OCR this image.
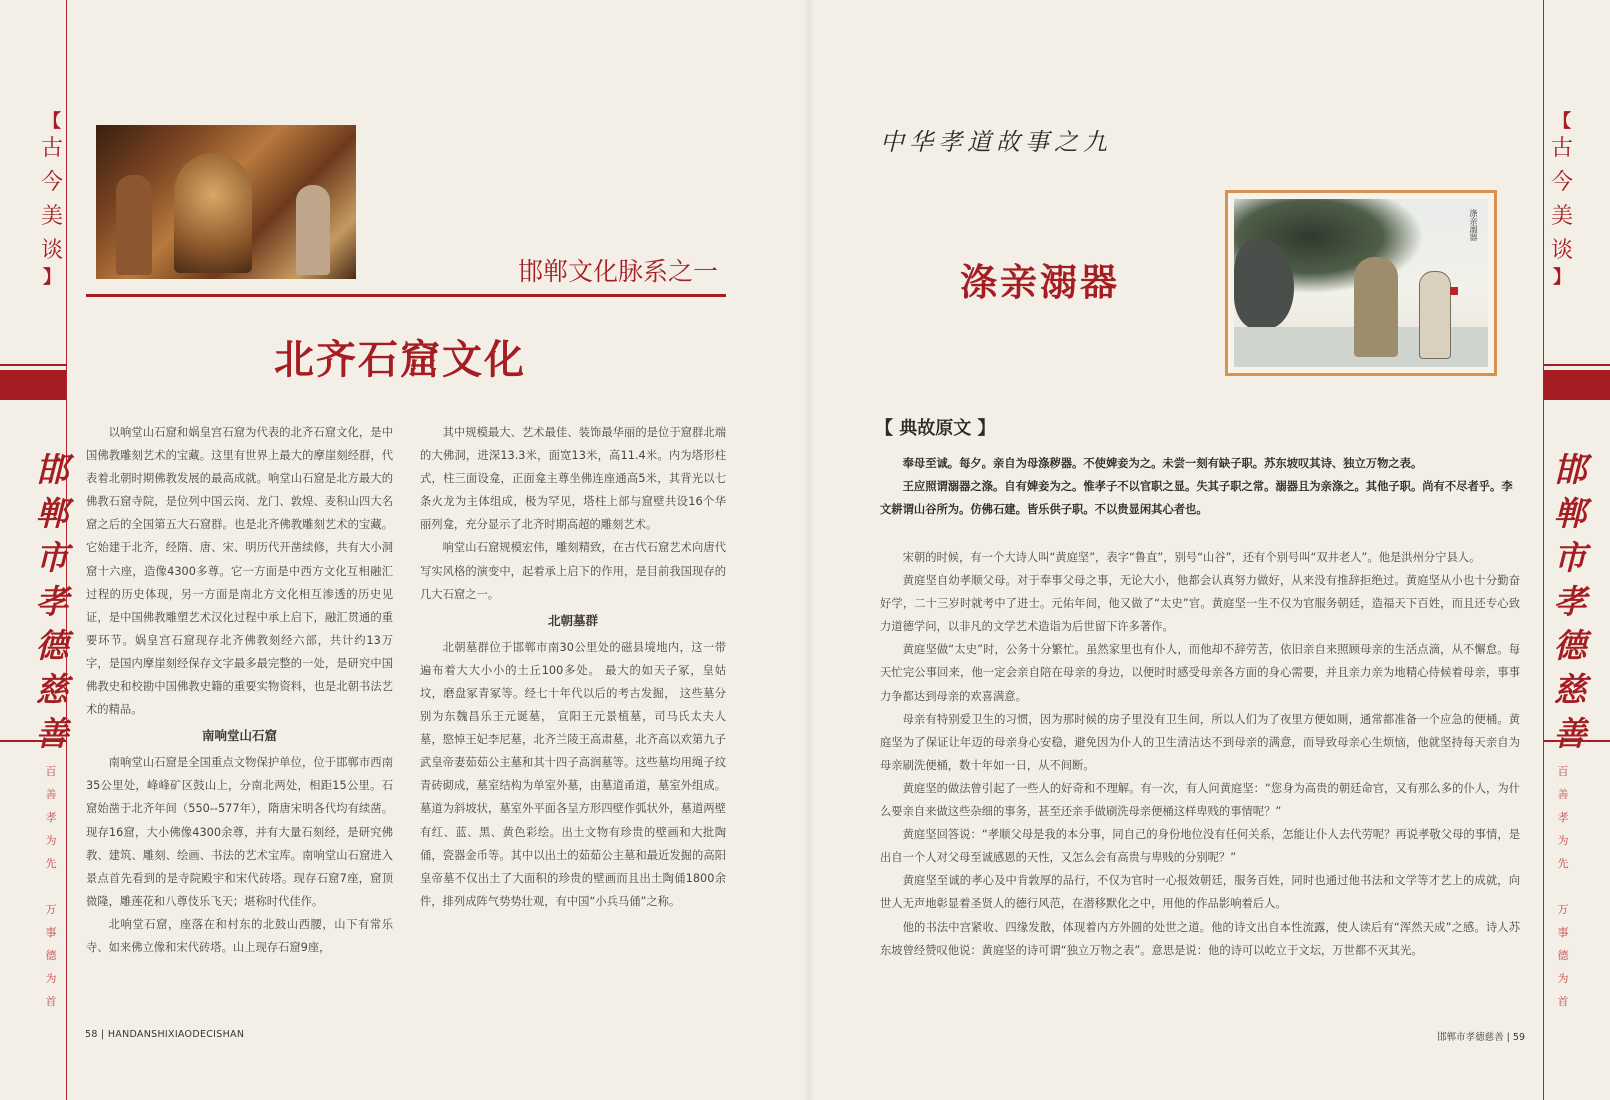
【
古
今
美
谈
】
邯郸市孝德慈善
百
善
孝
为
先
万
事
德
为
首
【
古
今
美
谈
】
邯郸市孝德慈善
百
善
孝
为
先
万
事
德
为
首
邯郸文化脉系之一
北齐石窟文化

以响堂山石窟和娲皇宫石窟为代表的北齐石窟文化，是中国佛教雕刻艺术的宝藏。这里有世界上最大的摩崖刻经群，代表着北朝时期佛教发展的最高成就。响堂山石窟是北方最大的佛教石窟寺院，是位列中国云岗、龙门、敦煌、麦积山四大名窟之后的全国第五大石窟群。也是北齐佛教雕刻艺术的宝藏。它始建于北齐，经隋、唐、宋、明历代开凿续修，共有大小洞窟十六座，造像4300多尊。它一方面是中西方文化互相融汇过程的历史体现，另一方面是南北方文化相互渗透的历史见证，是中国佛教雕塑艺术汉化过程中承上启下，融汇贯通的重要环节。娲皇宫石窟现存北齐佛教刻经六部，共计约13万字，是国内摩崖刻经保存文字最多最完整的一处，是研究中国佛教史和校勘中国佛教史籍的重要实物资料，也是北朝书法艺术的精品。

南响堂山石窟

南响堂山石窟是全国重点文物保护单位，位于邯郸市西南35公里处，峰峰矿区鼓山上，分南北两处，相距15公里。石窟始凿于北齐年间（550--577年），隋唐宋明各代均有续凿。现存16窟，大小佛像4300余尊，并有大量石刻经，是研究佛教、建筑、雕刻、绘画、书法的艺术宝库。南响堂山石窟进入景点首先看到的是寺院殿宇和宋代砖塔。现存石窟7座，窟顶微隆，雕莲花和八尊伎乐飞天；堪称时代佳作。

北响堂石窟，座落在和村东的北鼓山西腰，山下有常乐寺、如来佛立像和宋代砖塔。山上现存石窟9座，

其中规模最大、艺术最佳、装饰最华丽的是位于窟群北端的大佛洞，进深13.3米，面宽13米，高11.4米。内为塔形柱式，柱三面设龛，正面龛主尊坐佛连座通高5米，其背光以七条火龙为主体组成，极为罕见，塔柱上部与窟壁共设16个华丽列龛，充分显示了北齐时期高超的雕刻艺术。

响堂山石窟规模宏伟，雕刻精致，在古代石窟艺术向唐代写实风格的演变中，起着承上启下的作用，是目前我国现存的几大石窟之一。

北朝墓群

北朝墓群位于邯郸市南30公里处的磁县境地内，这一带遍布着大大小小的土丘100多处。 最大的如天子冢，皇姑坟，磨盘冢青冢等。经七十年代以后的考古发掘， 这些墓分别为东魏昌乐王元诞墓， 宣阳王元景植墓，司马氏太夫人墓，愍悼王妃李尼墓，北齐兰陵王高肃墓，北齐高以欢第九子武皇帝妻茹茹公主墓和其十四子高润墓等。这些墓均用绳子纹青砖砌成，墓室结构为单室外墓，由墓道甬道，墓室外组成。墓道为斜坡状，墓室外平面各呈方形四壁作弧状外，墓道两壁有红、蓝、黑、黄色彩绘。出土文物有珍贵的壁画和大批陶俑，瓷器金币等。其中以出土的茹茹公主墓和最近发掘的高阳皇帝墓不仅出土了大面积的珍贵的壁画而且出土陶俑1800余件，排列成阵气势势壮观，有中国“小兵马俑”之称。

58 | HANDANSHIXIAODECISHAN
中华孝道故事之九
涤亲溺器
涤亲溺器
【 典故原文 】

奉母至诚。每夕。亲自为母涤秽器。不使婢妾为之。未尝一刻有缺子职。苏东坡叹其诗、独立万物之表。

王应照谓溺器之涤。自有婢妾为之。惟孝子不以官职之显。失其子职之常。溺器且为亲涤之。其他子职。尚有不尽者乎。李文耕谓山谷所为。仿佛石建。皆乐供子职。不以贵显闲其心者也。

宋朝的时候，有一个大诗人叫“黄庭坚”，表字“鲁直”，别号“山谷”，还有个别号叫“双井老人”。他是洪州分宁县人。

黄庭坚自幼孝顺父母。对于奉事父母之事，无论大小，他都会认真努力做好，从来没有推辞拒绝过。黄庭坚从小也十分勤奋好学，二十三岁时就考中了进士。元佑年间，他又做了“太史”官。黄庭坚一生不仅为官服务朝廷，造福天下百姓，而且还专心致力道德学问，以非凡的文学艺术造诣为后世留下许多著作。

黄庭坚做“太史”时，公务十分繁忙。虽然家里也有仆人，而他却不辞劳苦，依旧亲自来照顾母亲的生活点滴，从不懈怠。每天忙完公事回来，他一定会亲自陪在母亲的身边，以便时时感受母亲各方面的身心需要，并且亲力亲为地精心侍候着母亲，事事力争都达到母亲的欢喜满意。

母亲有特别爱卫生的习惯，因为那时候的房子里没有卫生间，所以人们为了夜里方便如厕，通常都准备一个应急的便桶。黄庭坚为了保证让年迈的母亲身心安稳，避免因为仆人的卫生清洁达不到母亲的满意，而导致母亲心生烦恼，他就坚持每天亲自为母亲刷洗便桶，数十年如一日，从不间断。

黄庭坚的做法曾引起了一些人的好奇和不理解。有一次，有人问黄庭坚：“您身为高贵的朝廷命官，又有那么多的仆人，为什么要亲自来做这些杂细的事务，甚至还亲手做刷洗母亲便桶这样卑贱的事情呢？”

黄庭坚回答说：“孝顺父母是我的本分事，同自己的身份地位没有任何关系，怎能让仆人去代劳呢？再说孝敬父母的事情，是出自一个人对父母至诚感恩的天性，又怎么会有高贵与卑贱的分别呢？”

黄庭坚至诚的孝心及中肯敦厚的品行，不仅为官时一心报效朝廷，服务百姓，同时也通过他书法和文学等才艺上的成就，向世人无声地彰显着圣贤人的德行风范，在潜移默化之中，用他的作品影响着后人。

他的书法中宫紧收、四缘发散，体现着内方外圆的处世之道。他的诗文出自本性流露，使人读后有“浑然天成”之感。诗人苏东坡曾经赞叹他说：黄庭坚的诗可谓“独立万物之表”。意思是说：他的诗可以屹立于文坛，万世都不灭其光。

邯郸市孝德慈善 | 59
